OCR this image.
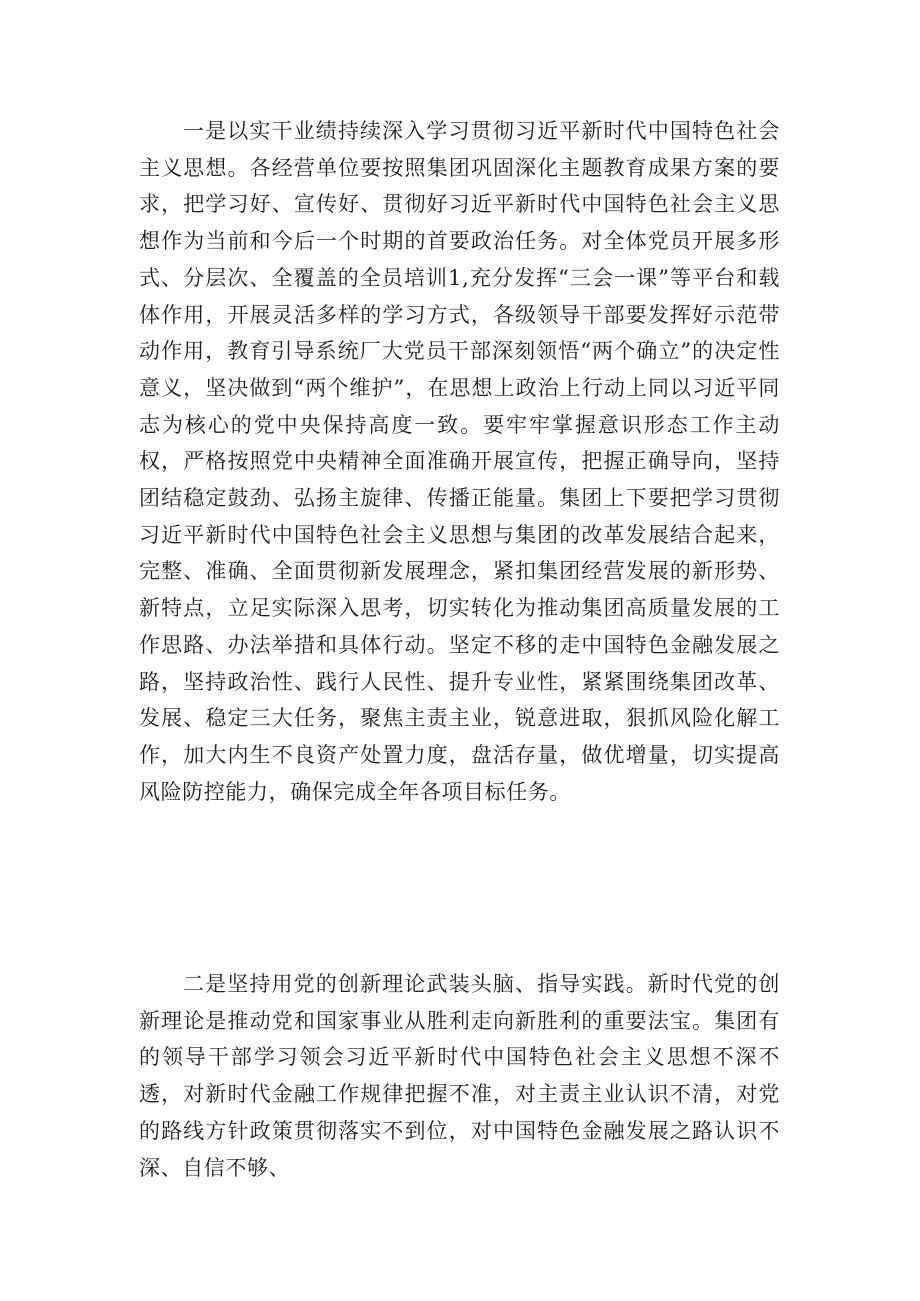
一是以实干业绩持续深入学习贯彻习近平新时代中国特色社会主义思想。各经营单位要按照集团巩固深化主题教育成果方案的要求，把学习好、宣传好、贯彻好习近平新时代中国特色社会主义思想作为当前和今后一个时期的首要政治任务。对全体党员开展多形式、分层次、全覆盖的全员培训1,充分发挥“三会一课”等平台和载体作用，开展灵活多样的学习方式，各级领导干部要发挥好示范带动作用，教育引导系统厂大党员干部深刻领悟“两个确立”的决定性意义，坚决做到“两个维护”，在思想上政治上行动上同以习近平同志为核心的党中央保持高度一致。要牢牢掌握意识形态工作主动权，严格按照党中央精神全面准确开展宣传，把握正确导向，坚持团结稳定鼓劲、弘扬主旋律、传播正能量。集团上下要把学习贯彻习近平新时代中国特色社会主义思想与集团的改革发展结合起来，完整、准确、全面贯彻新发展理念，紧扣集团经营发展的新形势、新特点，立足实际深入思考，切实转化为推动集团高质量发展的工作思路、办法举措和具体行动。坚定不移的走中国特色金融发展之路，坚持政治性、践行人民性、提升专业性，紧紧围绕集团改革、发展、稳定三大任务，聚焦主责主业，锐意进取，狠抓风险化解工作，加大内生不良资产处置力度，盘活存量，做优增量，切实提高风险防控能力，确保完成全年各项目标任务。

二是坚持用党的创新理论武装头脑、指导实践。新时代党的创新理论是推动党和国家事业从胜利走向新胜利的重要法宝。集团有的领导干部学习领会习近平新时代中国特色社会主义思想不深不透，对新时代金融工作规律把握不准，对主责主业认识不清，对党的路线方针政策贯彻落实不到位，对中国特色金融发展之路认识不深、自信不够、
